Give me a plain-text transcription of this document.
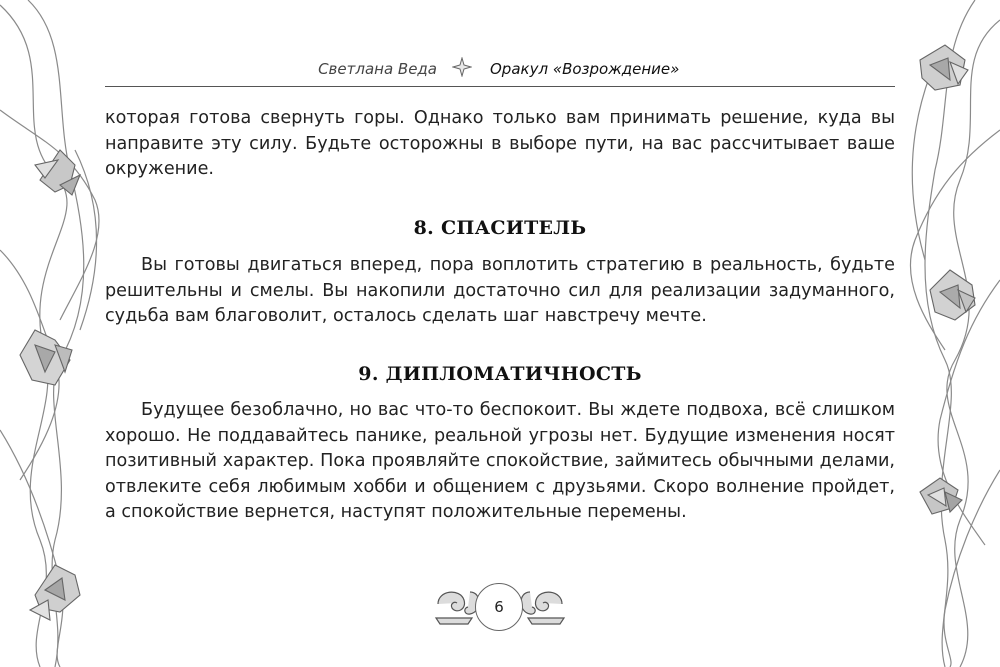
Светлана Веда	Оракул «Возрождение»
которая готова свернуть горы. Однако только вам принимать решение, куда вы
направите эту силу. Будьте осторожны в выборе пути, на вас рассчитывает ваше
окружение.
8. СПАСИТЕЛЬ
Вы готовы двигаться вперед, пора воплотить стратегию в реальность, будьте
решительны и смелы. Вы накопили достаточно сил для реализации задуманного,
судьба вам благоволит, осталось сделать шаг навстречу мечте.
9. ДИПЛОМАТИЧНОСТЬ
Будущее безоблачно, но вас что-то беспокоит. Вы ждете подвоха, всё слишком
хорошо. Не поддавайтесь панике, реальной угрозы нет. Будущие изменения носят
позитивный характер. Пока проявляйте спокойствие, займитесь обычными делами,
отвлеките себя любимым хобби и общением с друзьями. Скоро волнение пройдет,
а спокойствие вернется, наступят положительные перемены.
6
